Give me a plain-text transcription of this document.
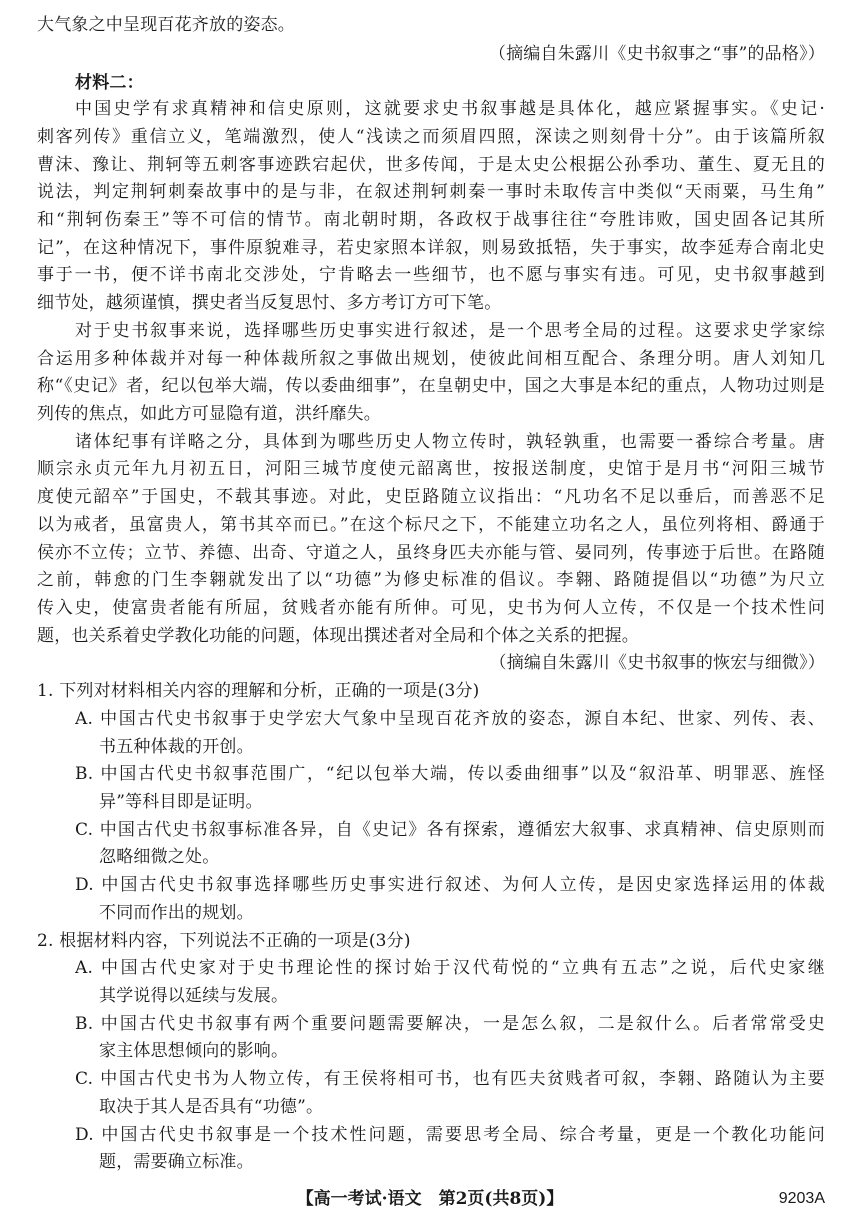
大气象之中呈现百花齐放的姿态。
（摘编自朱露川《史书叙事之“事”的品格》）
材料二：
中国史学有求真精神和信史原则，这就要求史书叙事越是具体化，越应紧握事实。《史记·
刺客列传》重信立义，笔端激烈，使人“浅读之而须眉四照，深读之则刻骨十分”。由于该篇所叙
曹沫、豫让、荆轲等五刺客事迹跌宕起伏，世多传闻，于是太史公根据公孙季功、董生、夏无且的
说法，判定荆轲刺秦故事中的是与非，在叙述荆轲刺秦一事时未取传言中类似“天雨粟，马生角”
和“荆轲伤秦王”等不可信的情节。南北朝时期，各政权于战事往往“夸胜讳败，国史固各记其所
记”，在这种情况下，事件原貌难寻，若史家照本详叙，则易致抵牾，失于事实，故李延寿合南北史
事于一书，便不详书南北交涉处，宁肯略去一些细节，也不愿与事实有违。可见，史书叙事越到
细节处，越须谨慎，撰史者当反复思忖、多方考订方可下笔。
对于史书叙事来说，选择哪些历史事实进行叙述，是一个思考全局的过程。这要求史学家综
合运用多种体裁并对每一种体裁所叙之事做出规划，使彼此间相互配合、条理分明。唐人刘知几
称“《史记》者，纪以包举大端，传以委曲细事”，在皇朝史中，国之大事是本纪的重点，人物功过则是
列传的焦点，如此方可显隐有道，洪纤靡失。
诸体纪事有详略之分，具体到为哪些历史人物立传时，孰轻孰重，也需要一番综合考量。唐
顺宗永贞元年九月初五日，河阳三城节度使元韶离世，按报送制度，史馆于是月书“河阳三城节
度使元韶卒”于国史，不载其事迹。对此，史臣路随立议指出：“凡功名不足以垂后，而善恶不足
以为戒者，虽富贵人，第书其卒而已。”在这个标尺之下，不能建立功名之人，虽位列将相、爵通于
侯亦不立传；立节、养德、出奇、守道之人，虽终身匹夫亦能与管、晏同列，传事迹于后世。在路随
之前，韩愈的门生李翱就发出了以“功德”为修史标准的倡议。李翱、路随提倡以“功德”为尺立
传入史，使富贵者能有所屈，贫贱者亦能有所伸。可见，史书为何人立传，不仅是一个技术性问
题，也关系着史学教化功能的问题，体现出撰述者对全局和个体之关系的把握。
（摘编自朱露川《史书叙事的恢宏与细微》）
1. 下列对材料相关内容的理解和分析，正确的一项是(3分)
A. 中国古代史书叙事于史学宏大气象中呈现百花齐放的姿态，源自本纪、世家、列传、表、
书五种体裁的开创。
B. 中国古代史书叙事范围广，“纪以包举大端，传以委曲细事”以及“叙沿革、明罪恶、旌怪
异”等科目即是证明。
C. 中国古代史书叙事标准各异，自《史记》各有探索，遵循宏大叙事、求真精神、信史原则而
忽略细微之处。
D. 中国古代史书叙事选择哪些历史事实进行叙述、为何人立传，是因史家选择运用的体裁
不同而作出的规划。
2. 根据材料内容，下列说法不正确的一项是(3分)
A. 中国古代史家对于史书理论性的探讨始于汉代荀悦的“立典有五志”之说，后代史家继
其学说得以延续与发展。
B. 中国古代史书叙事有两个重要问题需要解决，一是怎么叙，二是叙什么。后者常常受史
家主体思想倾向的影响。
C. 中国古代史书为人物立传，有王侯将相可书，也有匹夫贫贱者可叙，李翱、路随认为主要
取决于其人是否具有“功德”。
D. 中国古代史书叙事是一个技术性问题，需要思考全局、综合考量，更是一个教化功能问
题，需要确立标准。
【高一考试·语文　第2页(共8页)】	9203A
